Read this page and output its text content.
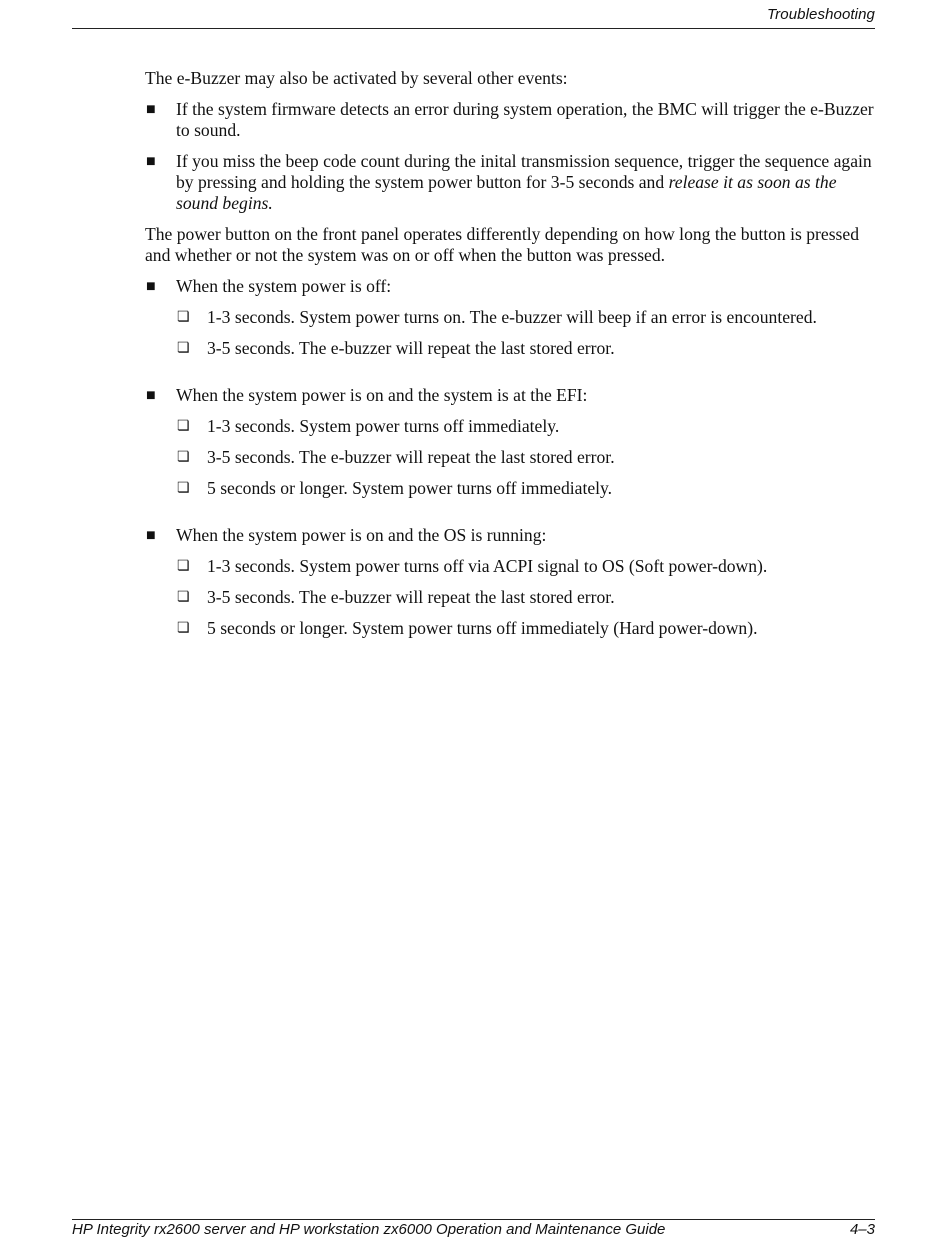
Troubleshooting

The e-Buzzer may also be activated by several other events:

■ If the system firmware detects an error during system operation, the BMC will trigger the e-Buzzer to sound.
■ If you miss the beep code count during the inital transmission sequence, trigger the sequence again by pressing and holding the system power button for 3-5 seconds and release it as soon as the sound begins.

The power button on the front panel operates differently depending on how long the button is pressed and whether or not the system was on or off when the button was pressed.

■ When the system power is off:
❏ 1-3 seconds. System power turns on. The e-buzzer will beep if an error is encountered.
❏ 3-5 seconds. The e-buzzer will repeat the last stored error.
■ When the system power is on and the system is at the EFI:
❏ 1-3 seconds. System power turns off immediately.
❏ 3-5 seconds. The e-buzzer will repeat the last stored error.
❏ 5 seconds or longer. System power turns off immediately.
■ When the system power is on and the OS is running:
❏ 1-3 seconds. System power turns off via ACPI signal to OS (Soft power-down).
❏ 3-5 seconds. The e-buzzer will repeat the last stored error.
❏ 5 seconds or longer. System power turns off immediately (Hard power-down).
HP Integrity rx2600 server and HP workstation zx6000 Operation and Maintenance Guide	4–3
